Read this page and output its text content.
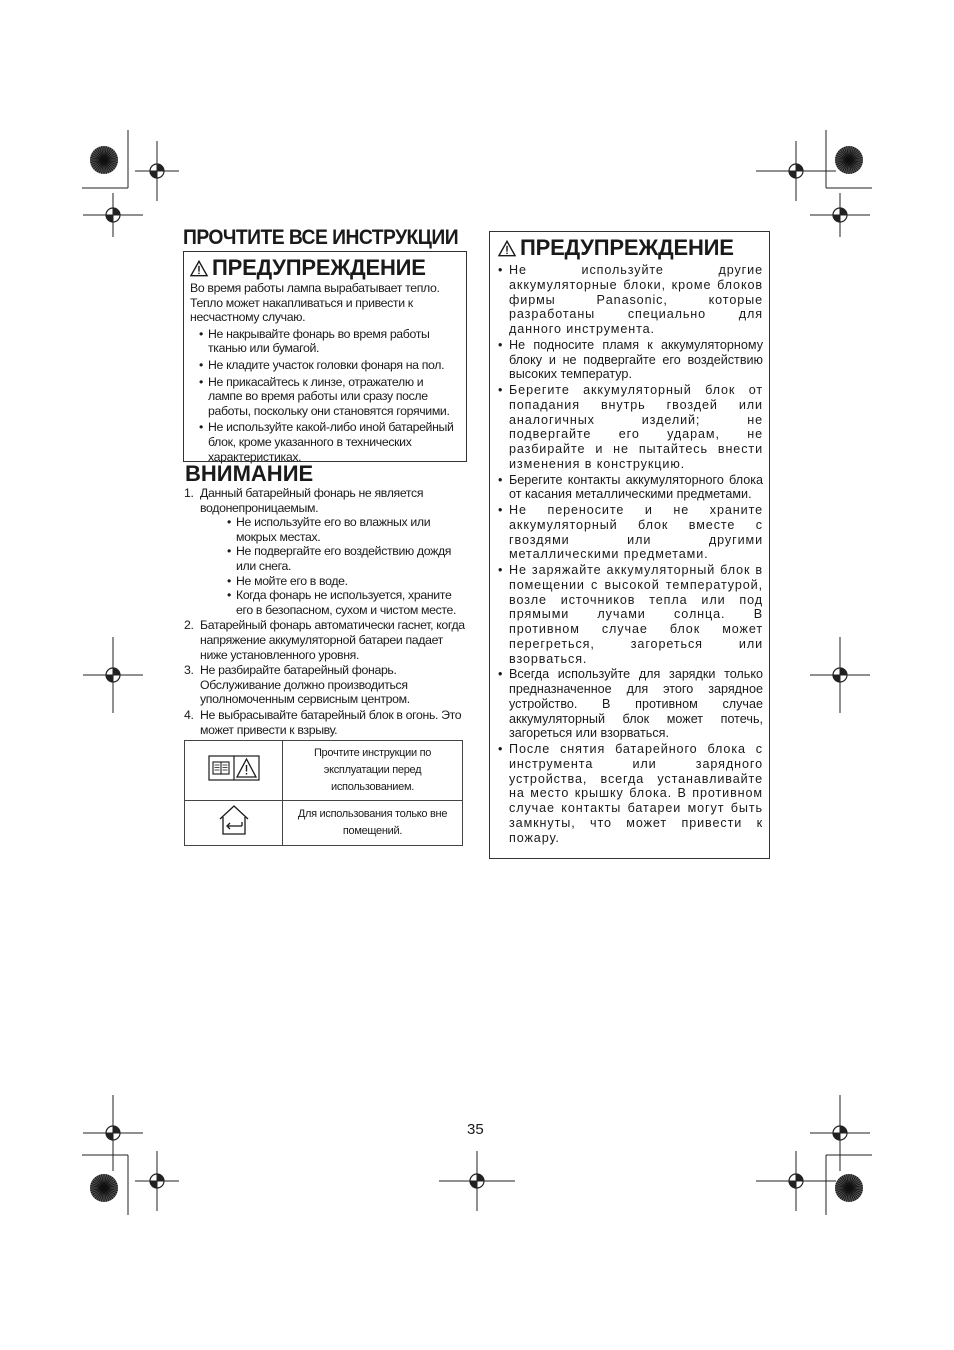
ПРОЧТИТЕ ВСЕ ИНСТРУКЦИИ
ПРЕДУПРЕЖДЕНИЕ
Во время работы лампа вырабатывает тепло. Тепло может накапливаться и привести к несчастному случаю.
• Не накрывайте фонарь во время работы тканью или бумагой.
• Не кладите участок головки фонаря на пол.
• Не прикасайтесь к линзе, отражателю и лампе во время работы или сразу после работы, поскольку они становятся горячими.
• Не используйте какой-либо иной батарейный блок, кроме указанного в технических характеристиках.
ВНИМАНИЕ
1. Данный батарейный фонарь не является водонепроницаемым.
• Не используйте его во влажных или мокрых местах.
• Не подвергайте его воздействию дождя или снега.
• Не мойте его в воде.
• Когда фонарь не используется, храните его в безопасном, сухом и чистом месте.
2. Батарейный фонарь автоматически гаснет, когда напряжение аккумуляторной батареи падает ниже установленного уровня.
3. Не разбирайте батарейный фонарь. Обслуживание должно производиться уполномоченным сервисным центром.
4. Не выбрасывайте батарейный блок в огонь. Это может привести к взрыву.
	Прочтите инструкции по эксплуатации перед использованием.
	Для использования только вне помещений.
ПРЕДУПРЕЖДЕНИЕ
• Не используйте другие аккумуляторные блоки, кроме блоков фирмы Panasonic, которые разработаны специально для данного инструмента.
• Не подносите пламя к аккумуляторному блоку и не подвергайте его воздействию высоких температур.
• Берегите аккумуляторный блок от попадания внутрь гвоздей или аналогичных изделий; не подвергайте его ударам, не разбирайте и не пытайтесь внести изменения в конструкцию.
• Берегите контакты аккумуляторного блока от касания металлическими предметами.
• Не переносите и не храните аккумуляторный блок вместе с гвоздями или другими металлическими предметами.
• Не заряжайте аккумуляторный блок в помещении с высокой температурой, возле источников тепла или под прямыми лучами солнца. В противном случае блок может перегреться, загореться или взорваться.
• Всегда используйте для зарядки только предназначенное для этого зарядное устройство. В противном случае аккумуляторный блок может потечь, загореться или взорваться.
• После снятия батарейного блока с инструмента или зарядного устройства, всегда устанавливайте на место крышку блока. В противном случае контакты батареи могут быть замкнуты, что может привести к пожару.
35
